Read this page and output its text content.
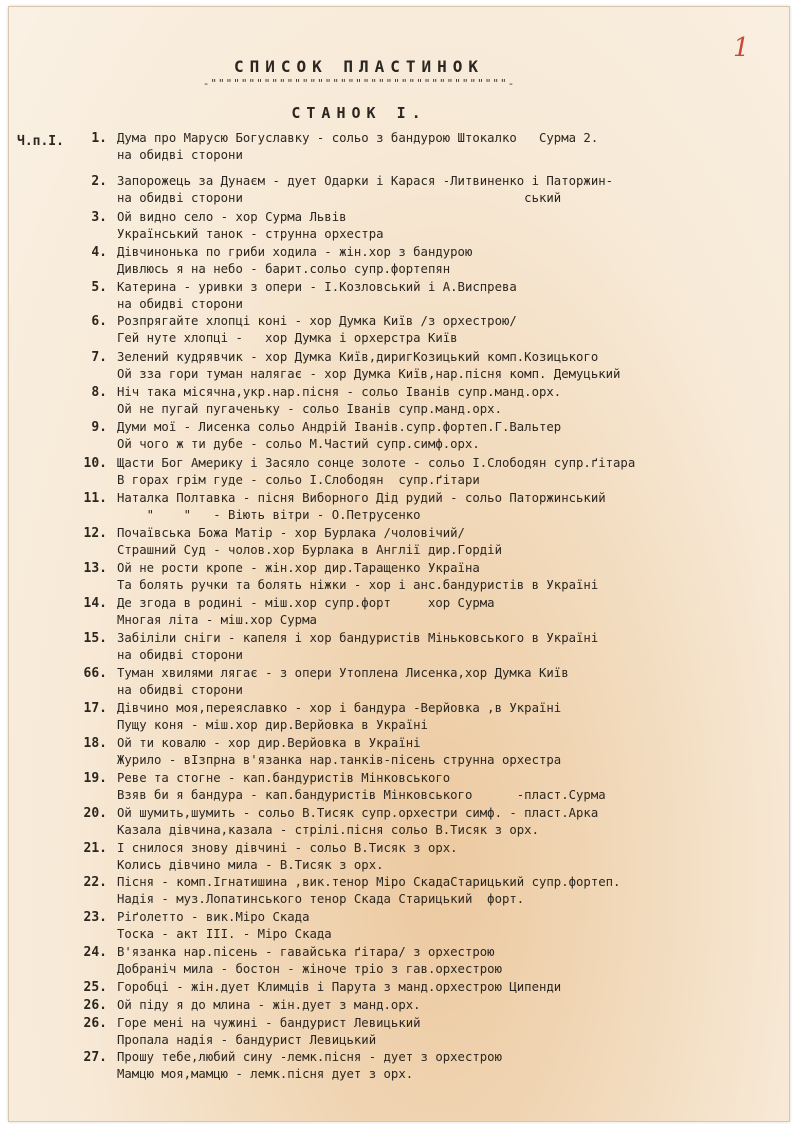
1
СПИСОК ПЛАСТИНОК
-"""""""""""""""""""""""""""""""""""""""-
СТАНОК І.
Ч.п.І.	1. Дума про Марусю Богуславку - сольо з бандурою Штокалко   Сурма 2.
на обидві сторони
2. Запорожець за Дунаєм - дует Одарки і Карася -Литвиненко і Паторжин-
на обидві сторони                                      ський
3. Ой видно село - хор Сурма Львів
Український танок - струнна орхестра
4. Дівчинонька по гриби ходила - жін.хор з бандурою
Дивлюсь я на небо - барит.сольо супр.фортепян
5. Катерина - уривки з опери - І.Козловський і А.Виспрева
на обидві сторони
6. Розпрягайте хлопці коні - хор Думка Київ /з орхестрою/
Гей нуте хлопці -   хор Думка і орхерстра Київ
7. Зелений кудрявчик - хор Думка Київ,диригКозицький комп.Козицького
Ой зза гори туман налягає - хор Думка Київ,нар.пісня комп. Демуцький
8. Ніч така місячна,укр.нар.пісня - сольо Іванів супр.манд.орх.
Ой не пугай пугаченьку - сольо Іванів супр.манд.орх.
9. Думи мої - Лисенка сольо Андрій Іванів.супр.фортеп.Г.Вальтер
Ой чого ж ти дубе - сольо М.Частий супр.симф.орх.
10. Щасти Бог Америку і Засяло сонце золоте - сольо І.Слободян супр.ґітара
В горах грім гуде - сольо І.Слободян  супр.ґітари
11. Наталка Полтавка - пісня Виборного Дід рудий - сольо Паторжинський
"    "   - Віють вітри - О.Петрусенко
12. Почаївська Божа Матір - хор Бурлака /чоловічий/
Страшний Суд - чолов.хор Бурлака в Англії дир.Гордій
13. Ой не рости кропе - жін.хор дир.Таращенко Україна
Та болять ручки та болять ніжки - хор і анс.бандуристів в Україні
14. Де згода в родині - міш.хор супр.форт     хор Сурма
Многая літа - міш.хор Сурма
15. Забіліли сніги - капеля і хор бандуристів Міньковського в Україні
на обидві сторони
66. Туман хвилями лягає - з опери Утоплена Лисенка,хор Думка Київ
на обидві сторони
17. Дівчино моя,переяславко - хор і бандура -Верйовка ,в Україні
Пущу коня - міш.хор дир.Верйовка в Україні
18. Ой ти ковалю - хор дир.Верйовка в Україні
Журило - вІзпрна в'язанка нар.танків-пісень струнна орхестра
19. Реве та стогне - кап.бандуристів Мінковського
Взяв би я бандура - кап.бандуристів Мінковського      -пласт.Сурма
20. Ой шумить,шумить - сольо В.Тисяк супр.орхестри симф. - пласт.Арка
Казала дівчина,казала - стрілі.пісня сольо В.Тисяк з орх.
21. І снилося знову дівчині - сольо В.Тисяк з орх.
Колись дівчино мила - В.Тисяк з орх.
22. Пісня - комп.Ігнатишина ,вик.тенор Міро СкадаСтарицький супр.фортеп.
Надія - муз.Лопатинського тенор Скада Старицький  форт.
23. Ріґолетто - вик.Міро Скада
Тоска - акт ІІІ. - Міро Скада
24. В'язанка нар.пісень - гавайська ґітара/ з орхестрою
Добраніч мила - бостон - жіноче тріо з гав.орхестрою
25. Горобці - жін.дует Климців і Парута з манд.орхестрою Ципенди
26. Ой піду я до млина - жін.дует з манд.орх.
26. Горе мені на чужині - бандурист Левицький
Пропала надія - бандурист Левицький
27. Прошу тебе,любий сину -лемк.пісня - дует з орхестрою
Мамцю моя,мамцю - лемк.пісня дует з орх.
